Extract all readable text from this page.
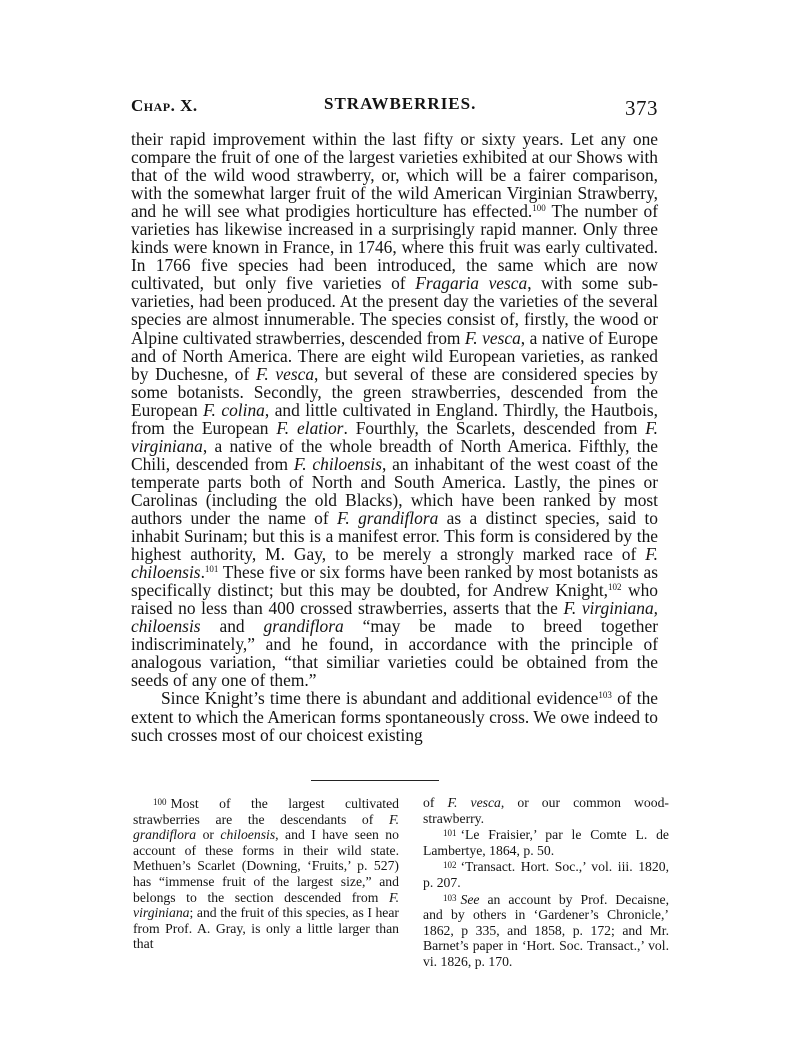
Chap. X.	STRAWBERRIES.	373

their rapid improvement within the last fifty or sixty years. Let any one compare the fruit of one of the largest varieties exhibited at our Shows with that of the wild wood strawberry, or, which will be a fairer comparison, with the somewhat larger fruit of the wild American Virginian Strawberry, and he will see what prodigies horticulture has effected.$^{100}$ The number of varieties has likewise increased in a surprisingly rapid manner. Only three kinds were known in France, in 1746, where this fruit was early cultivated. In 1766 five species had been introduced, the same which are now cultivated, but only five varieties of Fragaria vesca, with some sub-varieties, had been produced. At the present day the varieties of the several species are almost innumerable. The species consist of, firstly, the wood or Alpine cultivated strawberries, descended from F. vesca, a native of Europe and of North America. There are eight wild European varieties, as ranked by Duchesne, of F. vesca, but several of these are considered species by some botanists. Secondly, the green strawberries, descended from the European F. colina, and little cultivated in England. Thirdly, the Hautbois, from the European F. elatior. Fourthly, the Scarlets, descended from F. virginiana, a native of the whole breadth of North America. Fifthly, the Chili, descended from F. chiloensis, an inhabitant of the west coast of the temperate parts both of North and South America. Lastly, the pines or Carolinas (including the old Blacks), which have been ranked by most authors under the name of F. grandiflora as a distinct species, said to inhabit Surinam; but this is a manifest error. This form is considered by the highest authority, M. Gay, to be merely a strongly marked race of F. chiloensis.$^{101}$ These five or six forms have been ranked by most botanists as specifically distinct; but this may be doubted, for Andrew Knight,$^{102}$ who raised no less than 400 crossed strawberries, asserts that the F. virginiana, chiloensis and grandiflora “may be made to breed together indiscriminately,” and he found, in accordance with the principle of analogous variation, “that similiar varieties could be obtained from the seeds of any one of them.”

Since Knight’s time there is abundant and additional evidence$^{103}$ of the extent to which the American forms spontaneously cross. We owe indeed to such crosses most of our choicest existing

$^{100}$ Most of the largest cultivated strawberries are the descendants of F. grandiflora or chiloensis, and I have seen no account of these forms in their wild state. Methuen’s Scarlet (Downing, ‘Fruits,’ p. 527) has “immense fruit of the largest size,” and belongs to the section descended from F. virginiana; and the fruit of this species, as I hear from Prof. A. Gray, is only a little larger than that

of F. vesca, or our common wood-strawberry.

$^{101}$ ‘Le Fraisier,’ par le Comte L. de Lambertye, 1864, p. 50.

$^{102}$ ‘Transact. Hort. Soc.,’ vol. iii. 1820, p. 207.

$^{103}$ See an account by Prof. Decaisne, and by others in ‘Gardener’s Chronicle,’ 1862, p 335, and 1858, p. 172; and Mr. Barnet’s paper in ‘Hort. Soc. Transact.,’ vol. vi. 1826, p. 170.
